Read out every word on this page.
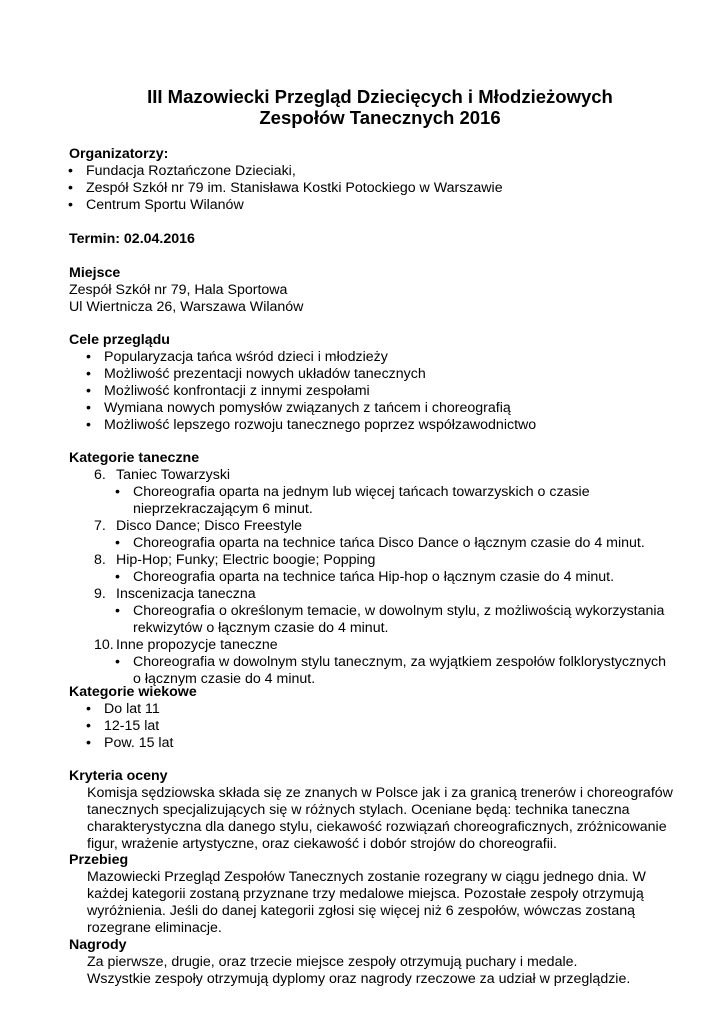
III Mazowiecki Przegląd Dziecięcych i Młodzieżowych
Zespołów Tanecznych 2016
Organizatorzy:
• Fundacja Roztańczone Dzieciaki,
• Zespół Szkół nr 79 im. Stanisława Kostki Potockiego w Warszawie
• Centrum Sportu Wilanów
Termin: 02.04.2016
Miejsce
Zespół Szkół nr 79, Hala Sportowa
Ul Wiertnicza 26, Warszawa Wilanów
Cele przeglądu
• Popularyzacja tańca wśród dzieci i młodzieży
• Możliwość prezentacji nowych układów tanecznych
• Możliwość konfrontacji z innymi zespołami
• Wymiana nowych pomysłów związanych z tańcem i choreografią
• Możliwość lepszego rozwoju tanecznego poprzez współzawodnictwo
Kategorie taneczne
6. Taniec Towarzyski
• Choreografia oparta na jednym lub więcej tańcach towarzyskich o czasie
nieprzekraczającym 6 minut.
7. Disco Dance; Disco Freestyle
• Choreografia oparta na technice tańca Disco Dance o łącznym czasie do 4 minut.
8. Hip-Hop; Funky; Electric boogie; Popping
• Choreografia oparta na technice tańca Hip-hop o łącznym czasie do 4 minut.
9. Inscenizacja taneczna
• Choreografia o określonym temacie, w dowolnym stylu, z możliwością wykorzystania
rekwizytów o łącznym czasie do 4 minut.
10. Inne propozycje taneczne
• Choreografia w dowolnym stylu tanecznym, za wyjątkiem zespołów folklorystycznych
o łącznym czasie do 4 minut.
Kategorie wiekowe
• Do lat 11
• 12-15 lat
• Pow. 15 lat
Kryteria oceny
Komisja sędziowska składa się ze znanych w Polsce jak i za granicą trenerów i choreografów
tanecznych specjalizujących się w różnych stylach. Oceniane będą: technika taneczna
charakterystyczna dla danego stylu, ciekawość rozwiązań choreograficznych, zróżnicowanie
figur, wrażenie artystyczne, oraz ciekawość i dobór strojów do choreografii.
Przebieg
Mazowiecki Przegląd Zespołów Tanecznych zostanie rozegrany w ciągu jednego dnia. W
każdej kategorii zostaną przyznane trzy medalowe miejsca. Pozostałe zespoły otrzymują
wyróżnienia. Jeśli do danej kategorii zgłosi się więcej niż 6 zespołów, wówczas zostaną
rozegrane eliminacje.
Nagrody
Za pierwsze, drugie, oraz trzecie miejsce zespoły otrzymują puchary i medale.
Wszystkie zespoły otrzymują dyplomy oraz nagrody rzeczowe za udział w przeglądzie.
